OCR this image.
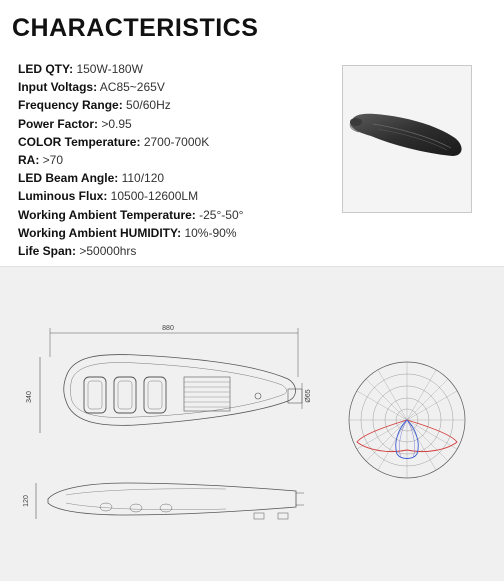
CHARACTERISTICS
LED QTY: 150W-180W
Input Voltags: AC85~265V
Frequency Range: 50/60Hz
Power Factor: >0.95
COLOR Temperature: 2700-7000K
RA: >70
LED Beam Angle: 110/120
Luminous Flux: 10500-12600LM
Working Ambient Temperature: -25°-50°
Working Ambient HUMIDITY: 10%-90%
Life Span: >50000hrs
880
340	Ø65
120
